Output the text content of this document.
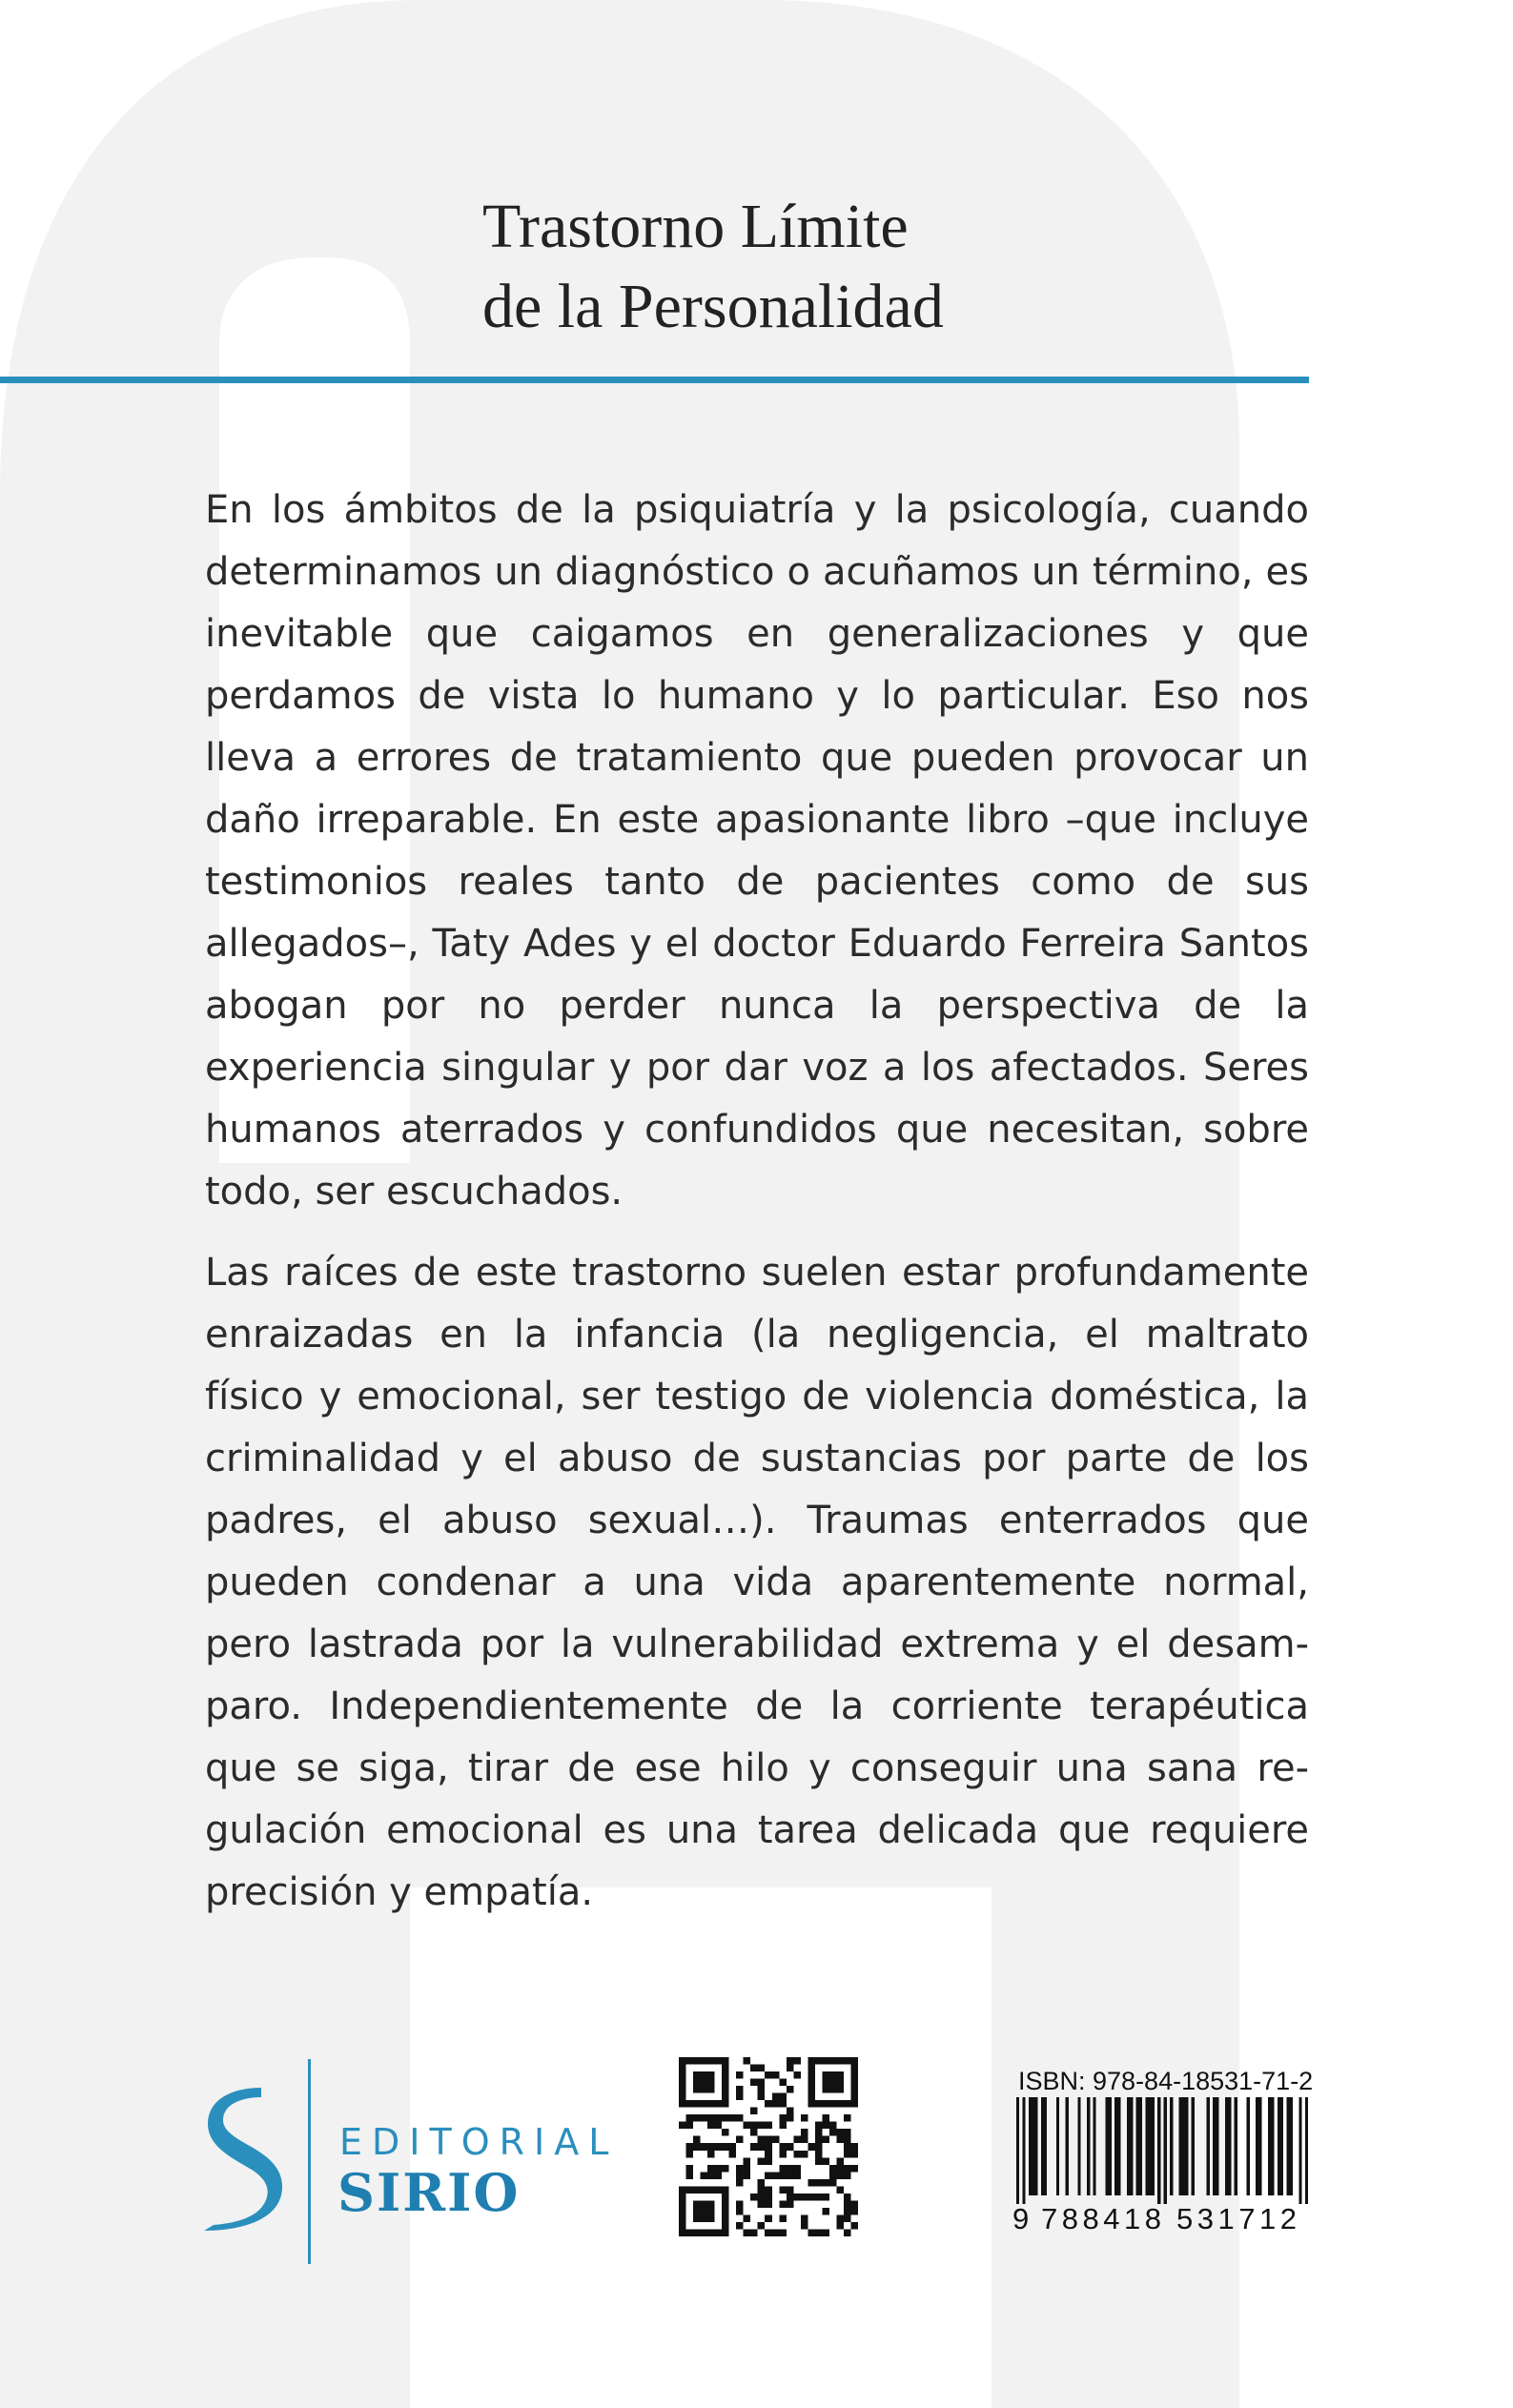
Trastorno Límite
de la Personalidad

En los ámbitos de la psiquiatría y la psicología, cuando determinamos un diagnóstico o acuñamos un término, es inevitable que caigamos en generalizaciones y que perdamos de vista lo humano y lo particular. Eso nos lleva a errores de tratamiento que pueden provocar un daño irreparable. En este apasionante libro –que incluye testimonios reales tanto de pacientes como de sus allegados–, Taty Ades y el doctor Eduardo Ferreira Santos abogan por no perder nunca la perspectiva de la experiencia singular y por dar voz a los afectados. Seres humanos aterrados y confundidos que necesitan, sobre todo, ser escuchados.

Las raíces de este trastorno suelen estar profundamente enraizadas en la infancia (la negligencia, el maltrato físico y emocional, ser testigo de violencia doméstica, la criminalidad y el abuso de sustancias por parte de los padres, el abuso sexual…). Traumas enterrados que pueden condenar a una vida aparentemente normal, pero lastrada por la vulnerabilidad extrema y el desamparo. Independientemente de la corriente terapéutica que se siga, tirar de ese hilo y conseguir una sana regulación emocional es una tarea delicada que requiere precisión y empatía.

EDITORIAL
SIRIO
ISBN: 978-84-18531-71-2
9 788418 531712
